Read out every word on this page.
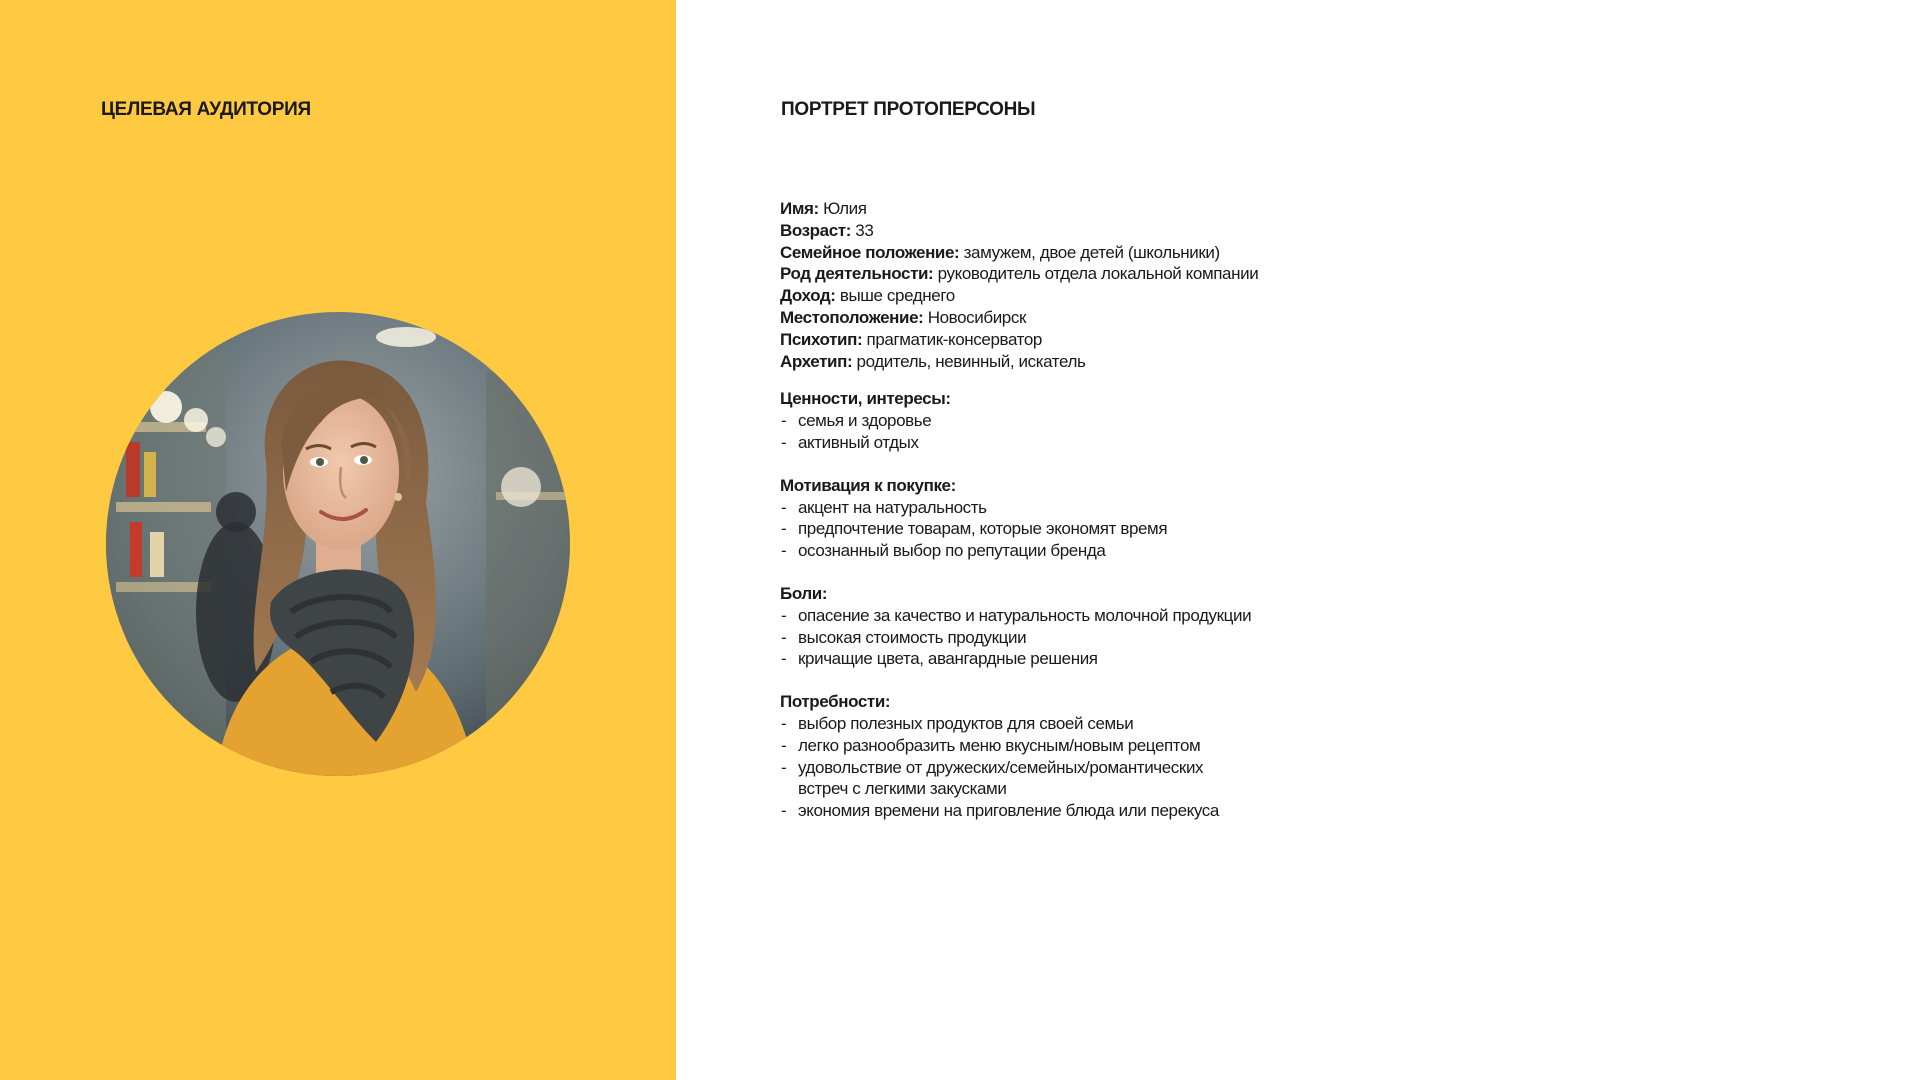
ЦЕЛЕВАЯ АУДИТОРИЯ	ПОРТРЕТ ПРОТОПЕРСОНЫ
Имя: Юлия
Возраст: 33
Семейное положение: замужем, двое детей (школьники)
Род деятельности: руководитель отдела локальной компании
Доход: выше среднего
Местоположение: Новосибирск
Психотип: прагматик-консерватор
Архетип: родитель, невинный, искатель
Ценности, интересы:
- семья и здоровье
- активный отдых
Мотивация к покупке:
- акцент на натуральность
- предпочтение товарам, которые экономят время
- осознанный выбор по репутации бренда
Боли:
- опасение за качество и натуральность молочной продукции
- высокая стоимость продукции
- кричащие цвета, авангардные решения
Потребности:
- выбор полезных продуктов для своей семьи
- легко разнообразить меню вкусным/новым рецептом
- удовольствие от дружеских/семейных/романтических
встреч с легкими закусками
- экономия времени на приговление блюда или перекуса
